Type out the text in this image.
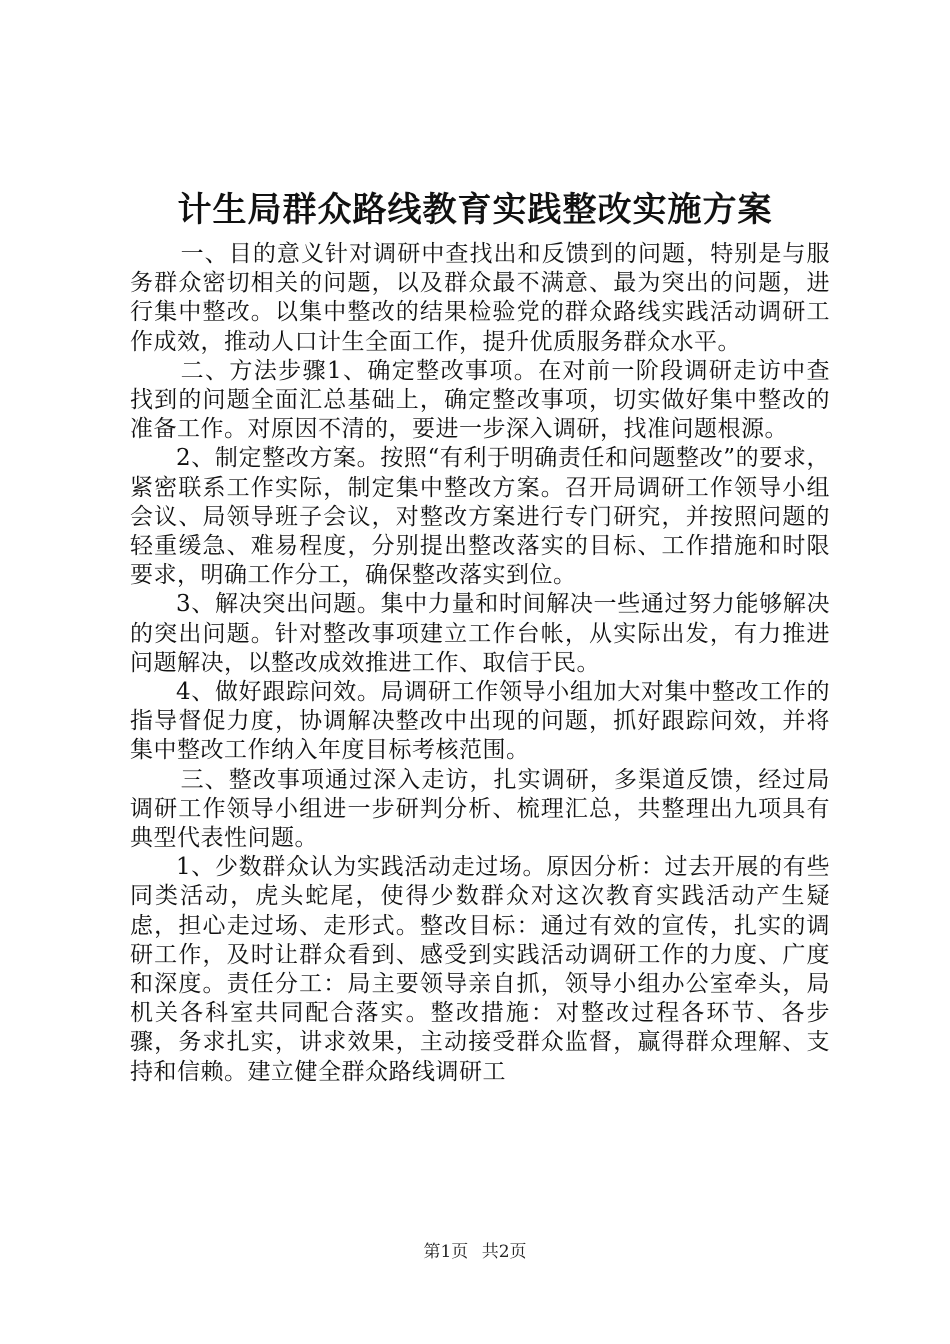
计生局群众路线教育实践整改实施方案

一、目的意义针对调研中查找出和反馈到的问题，特别是与服务群众密切相关的问题，以及群众最不满意、最为突出的问题，进行集中整改。以集中整改的结果检验党的群众路线实践活动调研工作成效，推动人口计生全面工作，提升优质服务群众水平。

二、方法步骤1、确定整改事项。在对前一阶段调研走访中查找到的问题全面汇总基础上，确定整改事项，切实做好集中整改的准备工作。对原因不清的，要进一步深入调研，找准问题根源。

2、制定整改方案。按照“有利于明确责任和问题整改”的要求，紧密联系工作实际，制定集中整改方案。召开局调研工作领导小组会议、局领导班子会议，对整改方案进行专门研究，并按照问题的轻重缓急、难易程度，分别提出整改落实的目标、工作措施和时限要求，明确工作分工，确保整改落实到位。

3、解决突出问题。集中力量和时间解决一些通过努力能够解决的突出问题。针对整改事项建立工作台帐，从实际出发，有力推进问题解决，以整改成效推进工作、取信于民。

4、做好跟踪问效。局调研工作领导小组加大对集中整改工作的指导督促力度，协调解决整改中出现的问题，抓好跟踪问效，并将集中整改工作纳入年度目标考核范围。

三、整改事项通过深入走访，扎实调研，多渠道反馈，经过局调研工作领导小组进一步研判分析、梳理汇总，共整理出九项具有典型代表性问题。

1、少数群众认为实践活动走过场。原因分析：过去开展的有些同类活动，虎头蛇尾，使得少数群众对这次教育实践活动产生疑虑，担心走过场、走形式。整改目标：通过有效的宣传，扎实的调研工作，及时让群众看到、感受到实践活动调研工作的力度、广度和深度。责任分工：局主要领导亲自抓，领导小组办公室牵头，局机关各科室共同配合落实。整改措施：对整改过程各环节、各步骤，务求扎实，讲求效果，主动接受群众监督，赢得群众理解、支持和信赖。建立健全群众路线调研工

第1页 共2页
